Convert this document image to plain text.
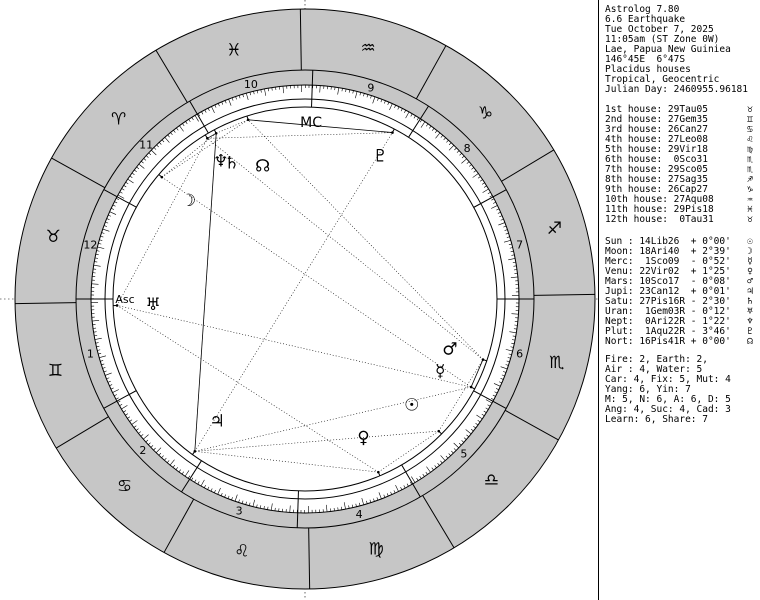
♈
♉
♊
♋
♌	♍
♎
♏
♐
♑
♒
♓
1
2
3	4
5
6
7
8
9
10
11
12
Asc
MC
☉
☽
☿
♀
♂
♃
♄
♅
♆	♇
☊
Astrolog 7.80
6.6 Earthquake
Tue October 7, 2025
11:05am (ST Zone 0W)
Lae, Papua New Guiniea
146°45E  6°47S
Placidus houses
Tropical, Geocentric
Julian Day: 2460955.96181
1st house: 29Tau05	♉
2nd house: 27Gem35	♊
3rd house: 26Can27	♋
4th house: 27Leo08	♌
5th house: 29Vir18	♍
6th house:  0Sco31	♏
7th house: 29Sco05	♏
8th house: 27Sag35	♐
9th house: 26Cap27	♑
10th house: 27Aqu08	♒
11th house: 29Pis18	♓
12th house:  0Tau31	♉
Sun : 14Lib26  + 0°00'	☉
Moon: 18Ari40  + 2°39'	☽
Merc:  1Sco09  - 0°52'	☿
Venu: 22Vir02  + 1°25'	♀
Mars: 10Sco17  - 0°08'	♂
Jupi: 23Can12  + 0°01'	♃
Satu: 27Pis16R - 2°30'	♄
Uran:  1Gem03R - 0°12'	♅
Nept:  0Ari22R - 1°22'	♆
Plut:  1Aqu22R - 3°46'	♇
Nort: 16Pis41R + 0°00'	☊
Fire: 2, Earth: 2,
Air : 4, Water: 5
Car: 4, Fix: 5, Mut: 4
Yang: 6, Yin: 7
M: 5, N: 6, A: 6, D: 5
Ang: 4, Suc: 4, Cad: 3
Learn: 6, Share: 7
